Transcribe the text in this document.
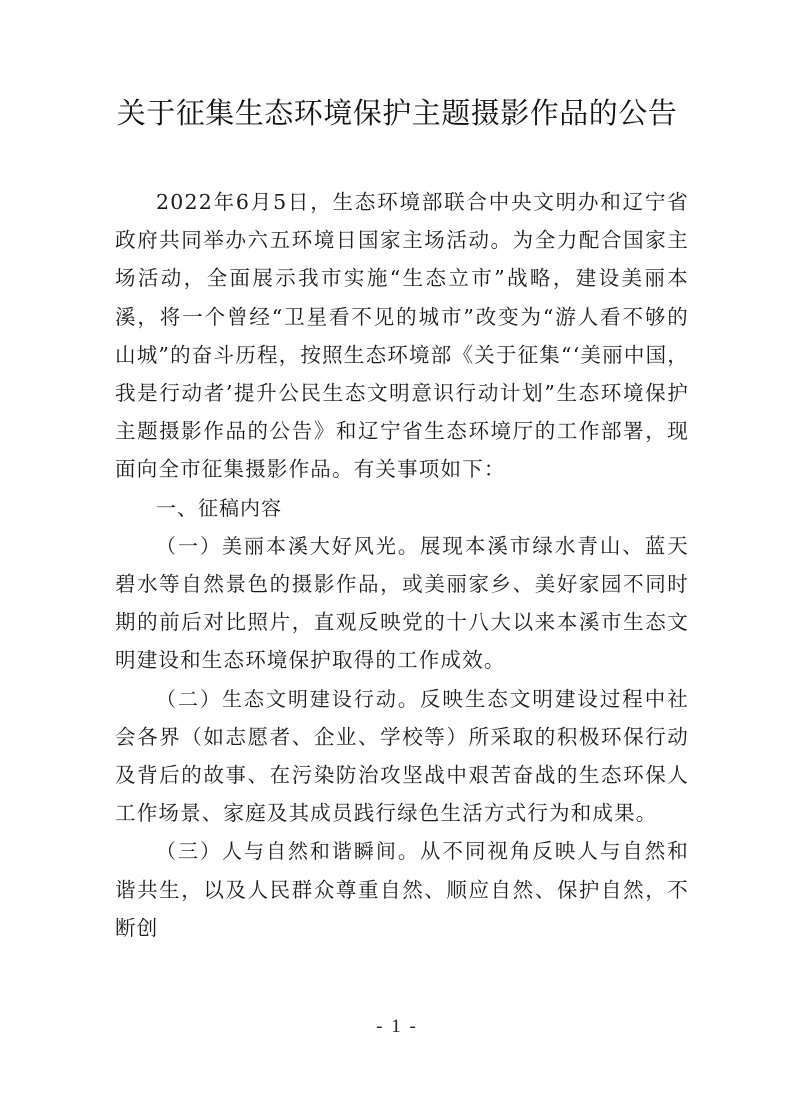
关于征集生态环境保护主题摄影作品的公告

2022年6月5日，生态环境部联合中央文明办和辽宁省政府共同举办六五环境日国家主场活动。为全力配合国家主场活动，全面展示我市实施“生态立市”战略，建设美丽本溪，将一个曾经“卫星看不见的城市”改变为“游人看不够的山城”的奋斗历程，按照生态环境部《关于征集“‘美丽中国，我是行动者’提升公民生态文明意识行动计划”生态环境保护主题摄影作品的公告》和辽宁省生态环境厅的工作部署，现面向全市征集摄影作品。有关事项如下：

一、征稿内容

（一）美丽本溪大好风光。展现本溪市绿水青山、蓝天碧水等自然景色的摄影作品，或美丽家乡、美好家园不同时期的前后对比照片，直观反映党的十八大以来本溪市生态文明建设和生态环境保护取得的工作成效。

（二）生态文明建设行动。反映生态文明建设过程中社会各界（如志愿者、企业、学校等）所采取的积极环保行动及背后的故事、在污染防治攻坚战中艰苦奋战的生态环保人工作场景、家庭及其成员践行绿色生活方式行为和成果。

（三）人与自然和谐瞬间。从不同视角反映人与自然和谐共生，以及人民群众尊重自然、顺应自然、保护自然，不断创

- 1 -
